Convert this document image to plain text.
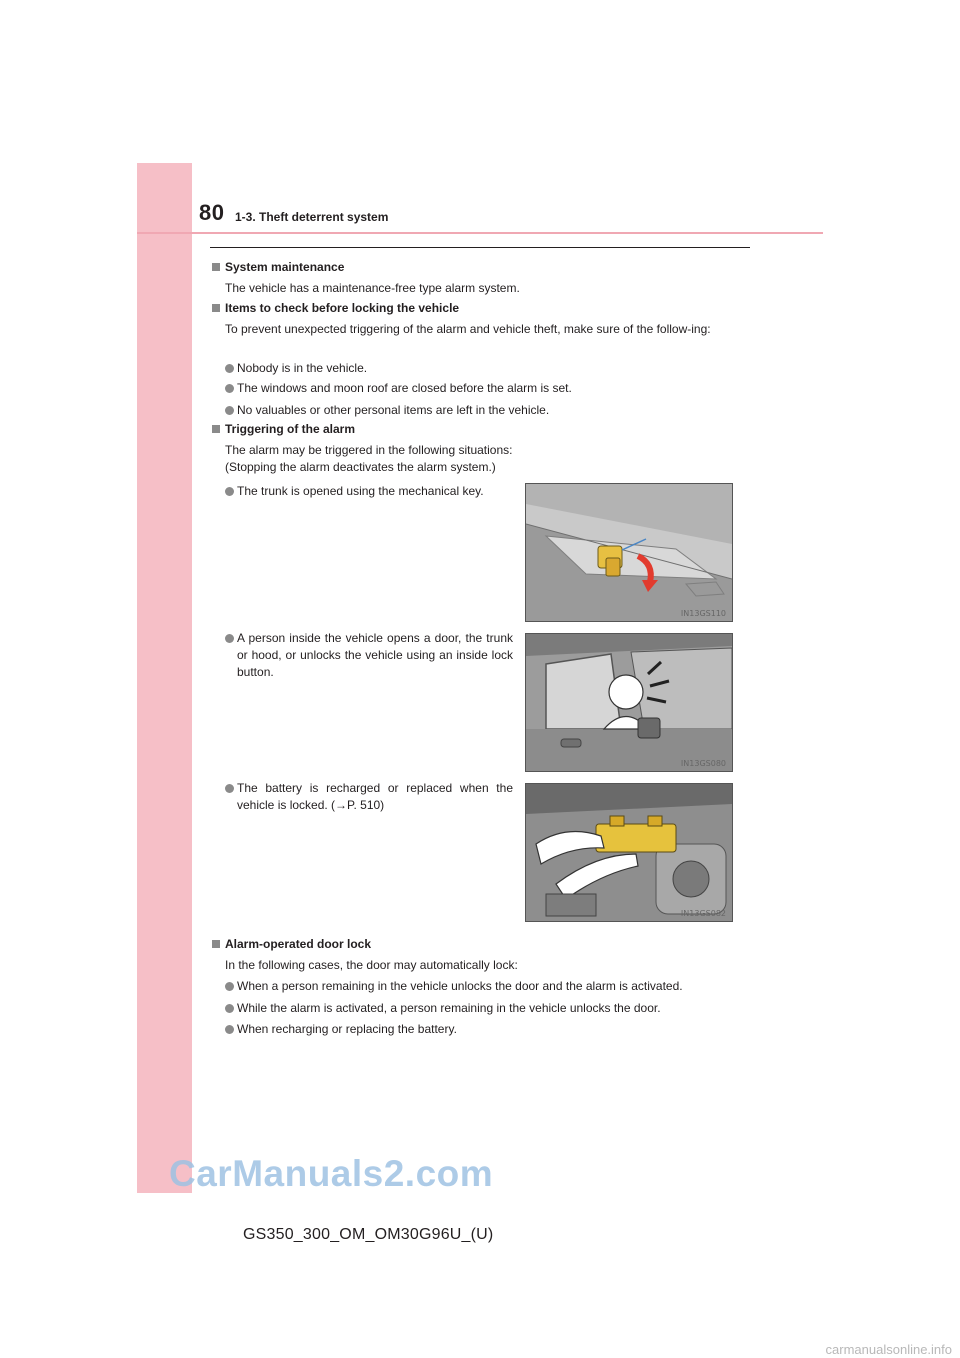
80 1-3. Theft deterrent system
System maintenance
The vehicle has a maintenance-free type alarm system.
Items to check before locking the vehicle
To prevent unexpected triggering of the alarm and vehicle theft, make sure of the follow-ing:
Nobody is in the vehicle.
The windows and moon roof are closed before the alarm is set.
No valuables or other personal items are left in the vehicle.
Triggering of the alarm
The alarm may be triggered in the following situations:
(Stopping the alarm deactivates the alarm system.)
The trunk is opened using the mechanical key.
A person inside the vehicle opens a door, the trunk or hood, or unlocks the vehicle using an inside lock button.
The battery is recharged or replaced when the vehicle is locked. (→P. 510)
IN13GS110
IN13GS080
IN13GS082
Alarm-operated door lock
In the following cases, the door may automatically lock:
When a person remaining in the vehicle unlocks the door and the alarm is activated.
While the alarm is activated, a person remaining in the vehicle unlocks the door.
When recharging or replacing the battery.
CarManuals2.com
GS350_300_OM_OM30G96U_(U)
carmanualsonline.info
